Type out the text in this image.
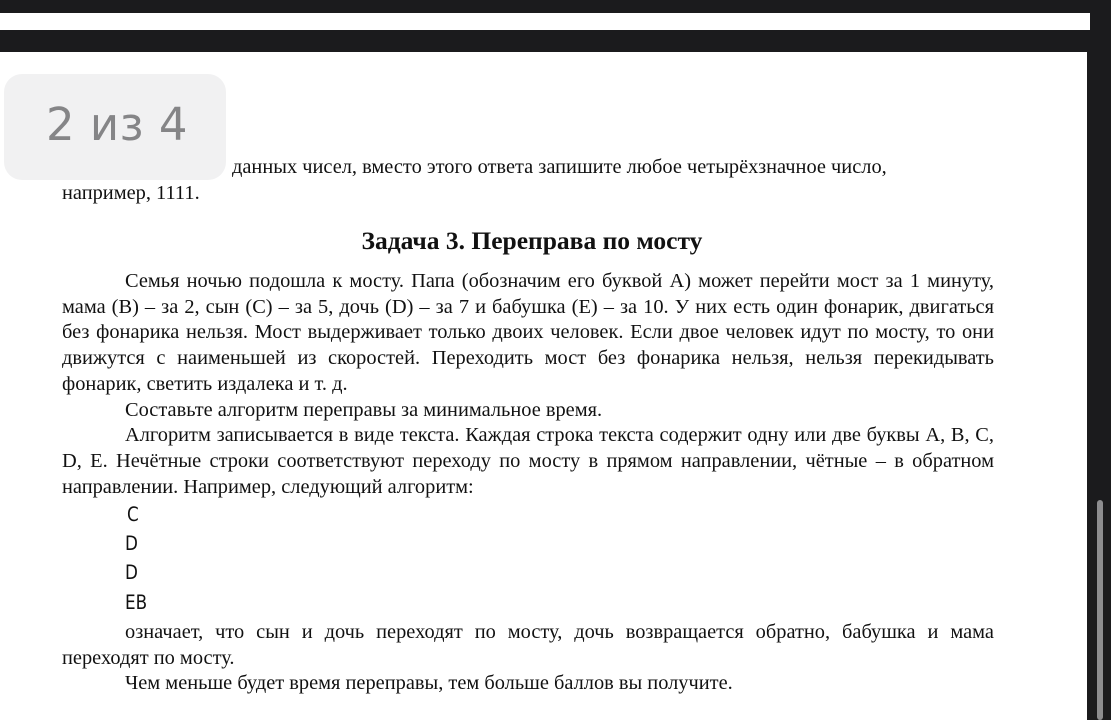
2 из 4

данных чисел, вместо этого ответа запишите любое четырёхзначное число,

например, 1111.

Задача 3. Переправа по мосту

Семья ночью подошла к мосту. Папа (обозначим его буквой A) может перейти мост за 1 минуту, мама (B) – за 2, сын (C) – за 5, дочь (D) – за 7 и бабушка (E) – за 10. У них есть один фонарик, двигаться без фонарика нельзя. Мост выдерживает только двоих человек. Если двое человек идут по мосту, то они движутся с наименьшей из скоростей. Переходить мост без фонарика нельзя, нельзя перекидывать фонарик, светить издалека и т. д.

Составьте алгоритм переправы за минимальное время.

Алгоритм записывается в виде текста. Каждая строка текста содержит одну или две буквы A, B, C, D, E. Нечётные строки соответствуют переходу по мосту в прямом направлении, чётные – в обратном направлении. Например, следующий алгоритм:

C
D
D
EB

означает, что сын и дочь переходят по мосту, дочь возвращается обратно, бабушка и мама переходят по мосту.

Чем меньше будет время переправы, тем больше баллов вы получите.
